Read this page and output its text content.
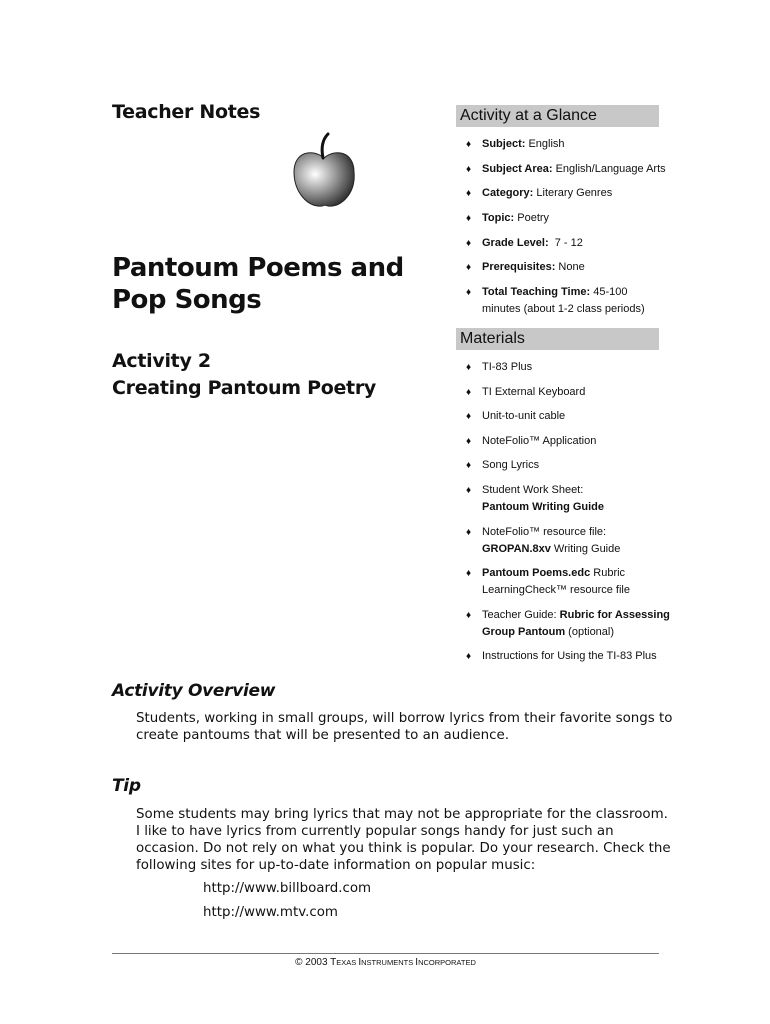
Teacher Notes
Pantoum Poems and Pop Songs
Activity 2
Creating Pantoum Poetry
Activity at a Glance
♦ Subject: English
♦ Subject Area: English/Language Arts
♦ Category: Literary Genres
♦ Topic: Poetry
♦ Grade Level:  7 - 12
♦ Prerequisites: None
♦ Total Teaching Time: 45-100 minutes (about 1-2 class periods)
Materials
♦ TI-83 Plus
♦ TI External Keyboard
♦ Unit-to-unit cable
♦ NoteFolio™ Application
♦ Song Lyrics
♦ Student Work Sheet: Pantoum Writing Guide
♦ NoteFolio™ resource file: GROPAN.8xv Writing Guide
♦ Pantoum Poems.edc Rubric LearningCheck™ resource file
♦ Teacher Guide: Rubric for Assessing Group Pantoum (optional)
♦ Instructions for Using the TI-83 Plus
Activity Overview
Students, working in small groups, will borrow lyrics from their favorite songs to create pantoums that will be presented to an audience.
Tip
Some students may bring lyrics that may not be appropriate for the classroom. I like to have lyrics from currently popular songs handy for just such an occasion. Do not rely on what you think is popular. Do your research. Check the following sites for up-to-date information on popular music:
http://www.billboard.com
http://www.mtv.com
© 2003 TEXAS INSTRUMENTS INCORPORATED
